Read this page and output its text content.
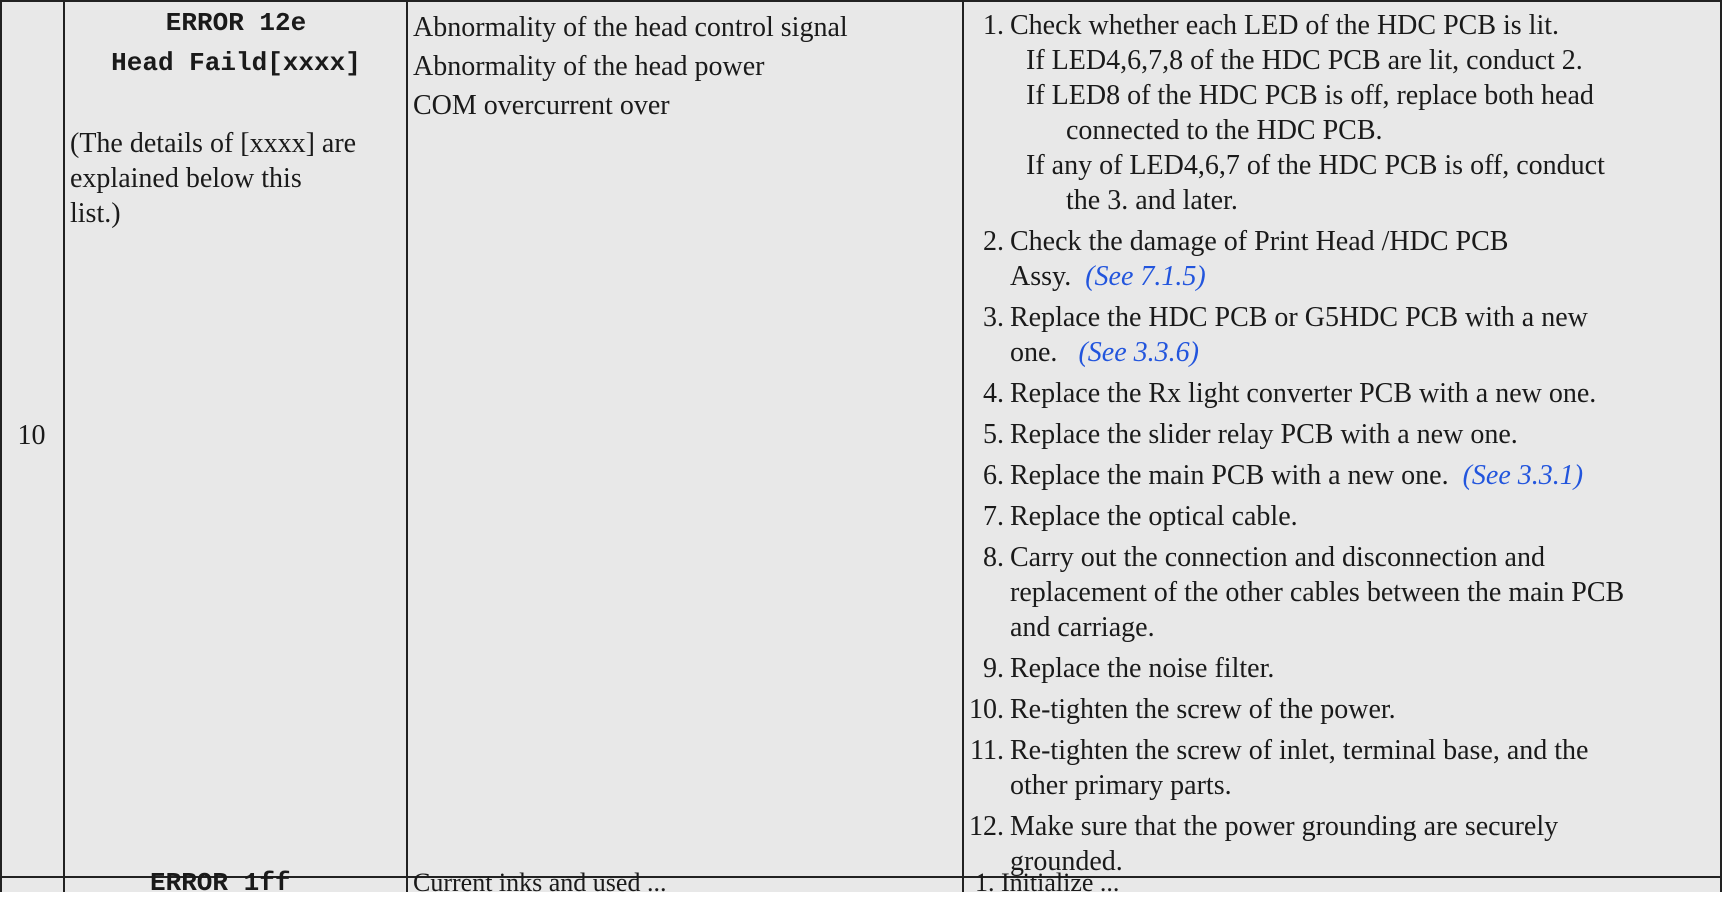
10
ERROR 12e
Head Faild[xxxx]
(The details of [xxxx] are
explained below this
list.)
Abnormality of the head control signal
Abnormality of the head power
COM overcurrent over
1. Check whether each LED of the HDC PCB is lit.
If LED4,6,7,8 of the HDC PCB are lit, conduct 2.
If LED8 of the HDC PCB is off, replace both head
connected to the HDC PCB.
If any of LED4,6,7 of the HDC PCB is off, conduct
the 3. and later.
2. Check the damage of Print Head /HDC PCB
Assy. (See 7.1.5)
3. Replace the HDC PCB or G5HDC PCB with a new
one. (See 3.3.6)
4. Replace the Rx light converter PCB with a new one.
5. Replace the slider relay PCB with a new one.
6. Replace the main PCB with a new one. (See 3.3.1)
7. Replace the optical cable.
8. Carry out the connection and disconnection and
replacement of the other cables between the main PCB
and carriage.
9. Replace the noise filter.
10. Re-tighten the screw of the power.
11. Re-tighten the screw of inlet, terminal base, and the
other primary parts.
12. Make sure that the power grounding are securely
grounded.
ERROR 1ff	Current inks and used ...	1. Initialize ...
